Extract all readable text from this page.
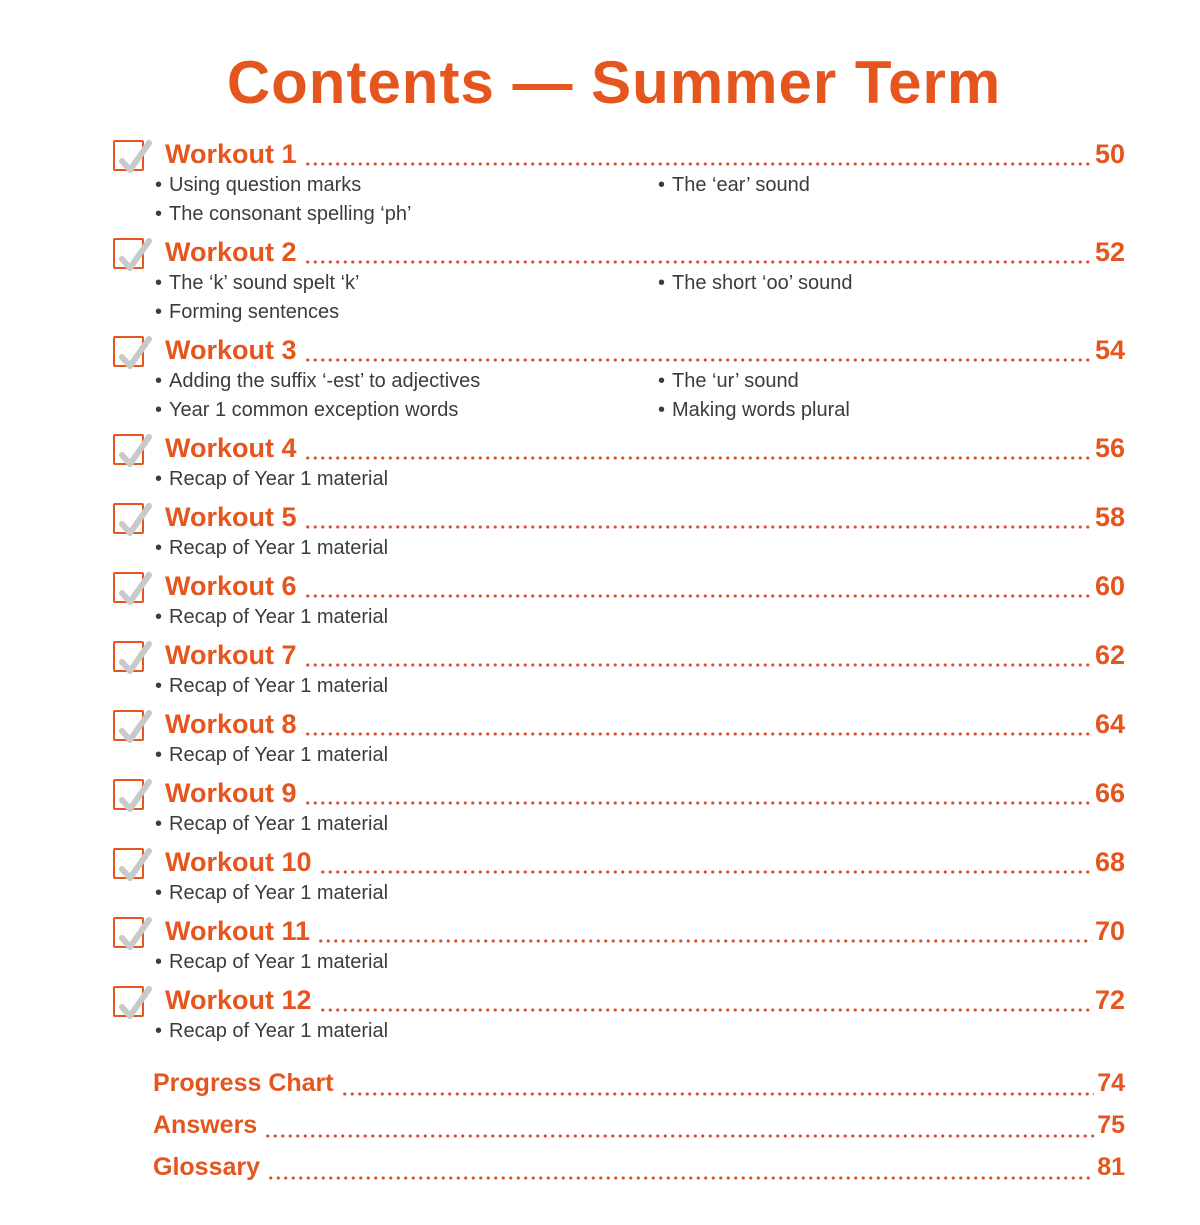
Contents — Summer Term
Workout 1	50
• Using question marks
• The consonant spelling ‘ph’
• The ‘ear’ sound
Workout 2	52
• The ‘k’ sound spelt ‘k’
• Forming sentences
• The short ‘oo’ sound
Workout 3	54
• Adding the suffix ‘-est’ to adjectives
• Year 1 common exception words
• The ‘ur’ sound
• Making words plural
Workout 4	56
• Recap of Year 1 material
Workout 5	58
• Recap of Year 1 material
Workout 6	60
• Recap of Year 1 material
Workout 7	62
• Recap of Year 1 material
Workout 8	64
• Recap of Year 1 material
Workout 9	66
• Recap of Year 1 material
Workout 10	68
• Recap of Year 1 material
Workout 11	70
• Recap of Year 1 material
Workout 12	72
• Recap of Year 1 material
Progress Chart	74
Answers	75
Glossary	81
